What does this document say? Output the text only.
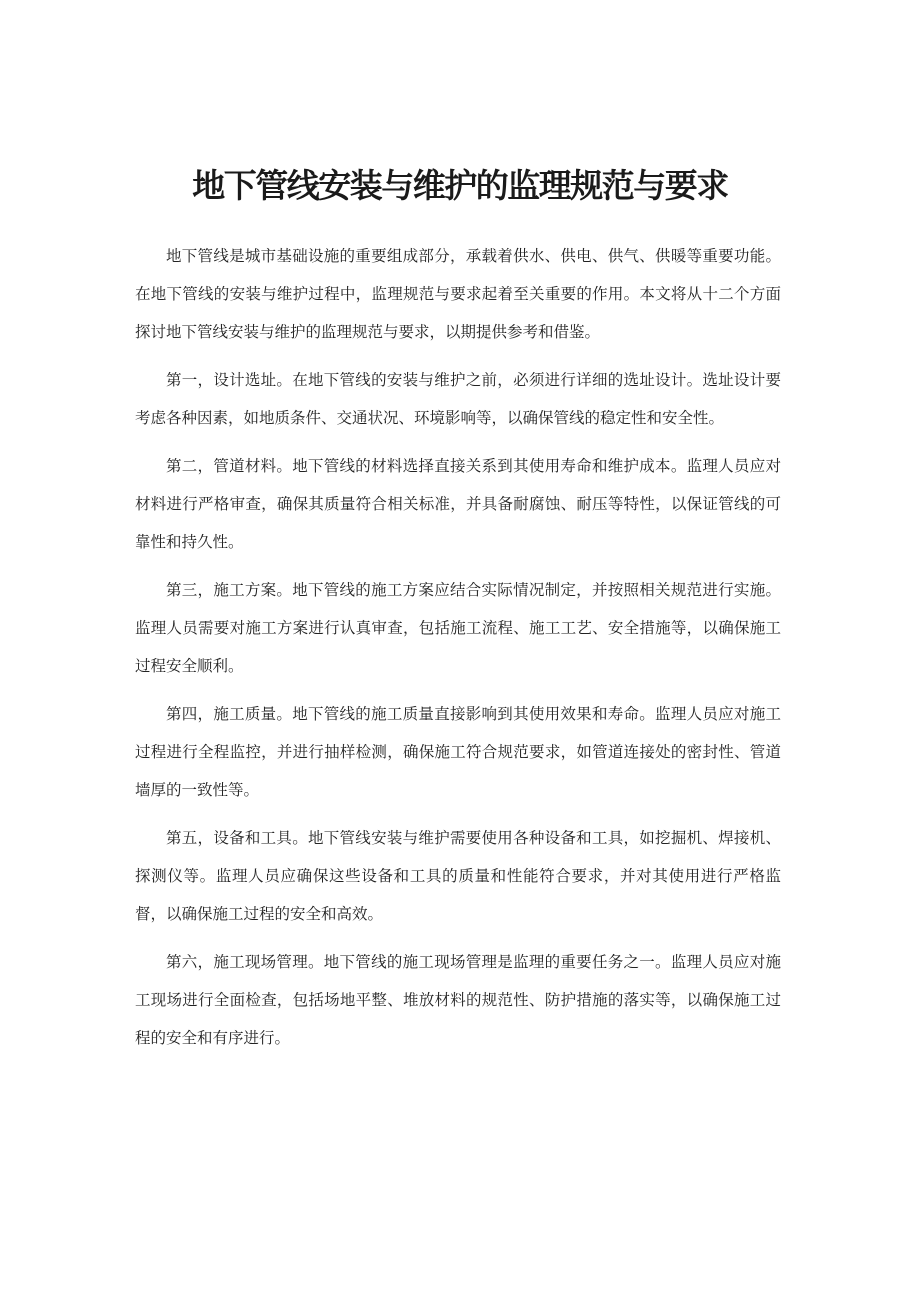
地下管线安装与维护的监理规范与要求

地下管线是城市基础设施的重要组成部分，承载着供水、供电、供气、供暖等重要功能。在地下管线的安装与维护过程中，监理规范与要求起着至关重要的作用。本文将从十二个方面探讨地下管线安装与维护的监理规范与要求，以期提供参考和借鉴。

第一，设计选址。在地下管线的安装与维护之前，必须进行详细的选址设计。选址设计要考虑各种因素，如地质条件、交通状况、环境影响等，以确保管线的稳定性和安全性。

第二，管道材料。地下管线的材料选择直接关系到其使用寿命和维护成本。监理人员应对材料进行严格审查，确保其质量符合相关标准，并具备耐腐蚀、耐压等特性，以保证管线的可靠性和持久性。

第三，施工方案。地下管线的施工方案应结合实际情况制定，并按照相关规范进行实施。监理人员需要对施工方案进行认真审查，包括施工流程、施工工艺、安全措施等，以确保施工过程安全顺利。

第四，施工质量。地下管线的施工质量直接影响到其使用效果和寿命。监理人员应对施工过程进行全程监控，并进行抽样检测，确保施工符合规范要求，如管道连接处的密封性、管道墙厚的一致性等。

第五，设备和工具。地下管线安装与维护需要使用各种设备和工具，如挖掘机、焊接机、探测仪等。监理人员应确保这些设备和工具的质量和性能符合要求，并对其使用进行严格监督，以确保施工过程的安全和高效。

第六，施工现场管理。地下管线的施工现场管理是监理的重要任务之一。监理人员应对施工现场进行全面检查，包括场地平整、堆放材料的规范性、防护措施的落实等，以确保施工过程的安全和有序进行。
